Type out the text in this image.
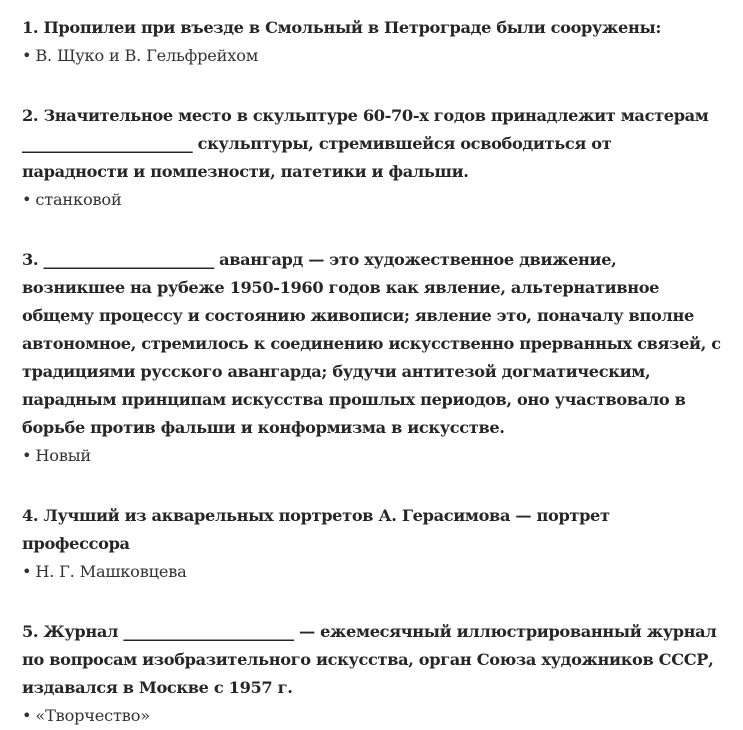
1. Пропилеи при въезде в Смольный в Петрограде были сооружены:

• В. Щуко и В. Гельфрейхом

2. Значительное место в скульптуре 60-70-х годов принадлежит мастерам ______________________ скульптуры, стремившейся освободиться от парадности и помпезности, патетики и фальши.

• станковой

3. ______________________ авангард — это художественное движение, возникшее на рубеже 1950-1960 годов как явление, альтернативное общему процессу и состоянию живописи; явление это, поначалу вполне автономное, стремилось к соединению искусственно прерванных связей, с традициями русского авангарда; будучи антитезой догматическим, парадным принципам искусства прошлых периодов, оно участвовало в борьбе против фальши и конформизма в искусстве.

• Новый

4. Лучший из акварельных портретов А. Герасимова — портрет профессора

• Н. Г. Машковцева

5. Журнал ______________________ — ежемесячный иллюстрированный журнал по вопросам изобразительного искусства, орган Союза художников СССР, издавался в Москве с 1957 г.

• «Творчество»
